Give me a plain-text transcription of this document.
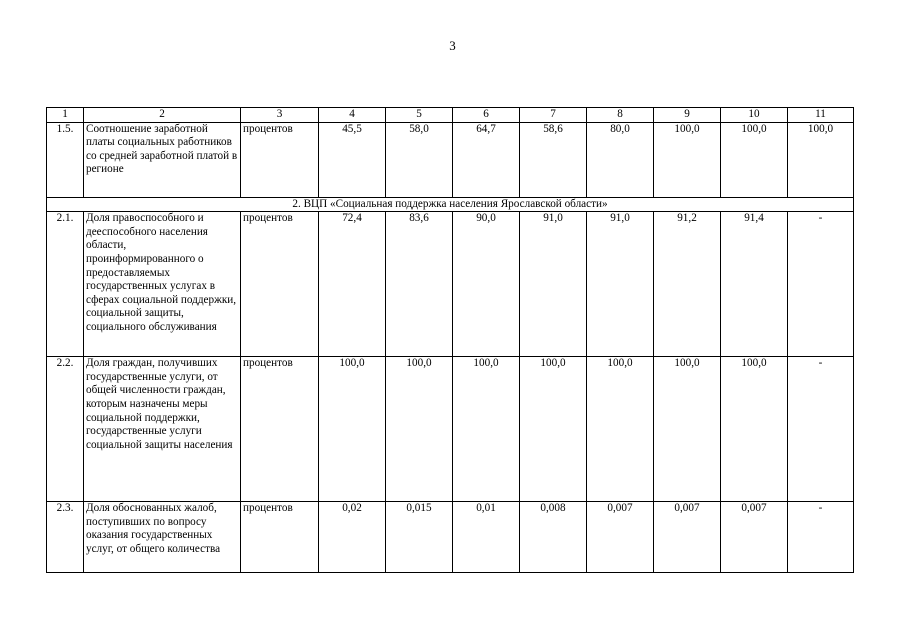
3
1	2	3	4	5	6	7	8	9	10	11
1.5.	Соотношение заработной платы социальных работников со средней заработной платой в регионе	процентов	45,5	58,0	64,7	58,6	80,0	100,0	100,0	100,0
2. ВЦП «Социальная поддержка населения Ярославской области»										
2.1.	Доля правоспособного и дееспособного населения области, проинформированного о предоставляемых государственных услугах в сферах социальной поддержки, социальной защиты, социального обслуживания	процентов	72,4	83,6	90,0	91,0	91,0	91,2	91,4	-
2.2.	Доля граждан, получивших государственные услуги, от общей численности граждан, которым назначены меры социальной поддержки, государственные услуги социальной защиты населения	процентов	100,0	100,0	100,0	100,0	100,0	100,0	100,0	-
2.3.	Доля обоснованных жалоб, поступивших по вопросу оказания государственных услуг, от общего количества	процентов	0,02	0,015	0,01	0,008	0,007	0,007	0,007	-
